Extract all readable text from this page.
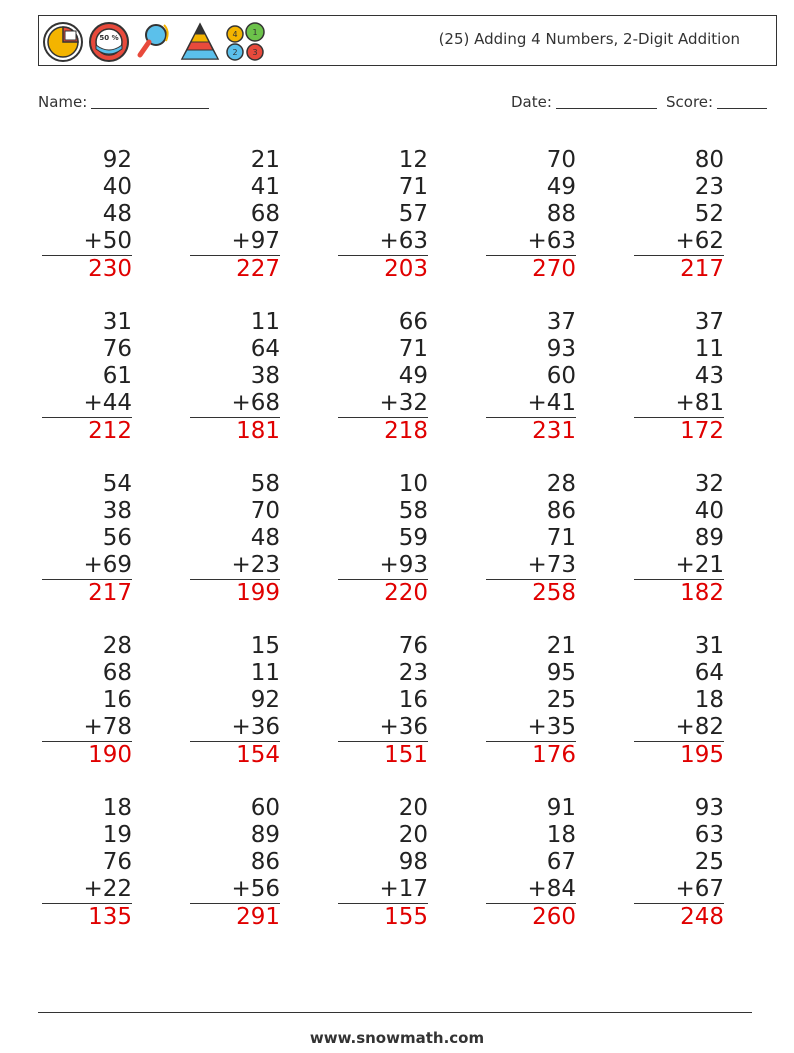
50 %	4 1
2 3
(25) Adding 4 Numbers, 2-Digit Addition
Name:	Date:	Score:
92
40
48
+50
230
21
41
68
+97
227
12
71
57
+63
203
70
49
88
+63
270
80
23
52
+62
217
31
76
61
+44
212
11
64
38
+68
181
66
71
49
+32
218
37
93
60
+41
231
37
11
43
+81
172
54
38
56
+69
217
58
70
48
+23
199
10
58
59
+93
220
28
86
71
+73
258
32
40
89
+21
182
28
68
16
+78
190
15
11
92
+36
154
76
23
16
+36
151
21
95
25
+35
176
31
64
18
+82
195
18
19
76
+22
135
60
89
86
+56
291
20
20
98
+17
155
91
18
67
+84
260
93
63
25
+67
248
www.snowmath.com
